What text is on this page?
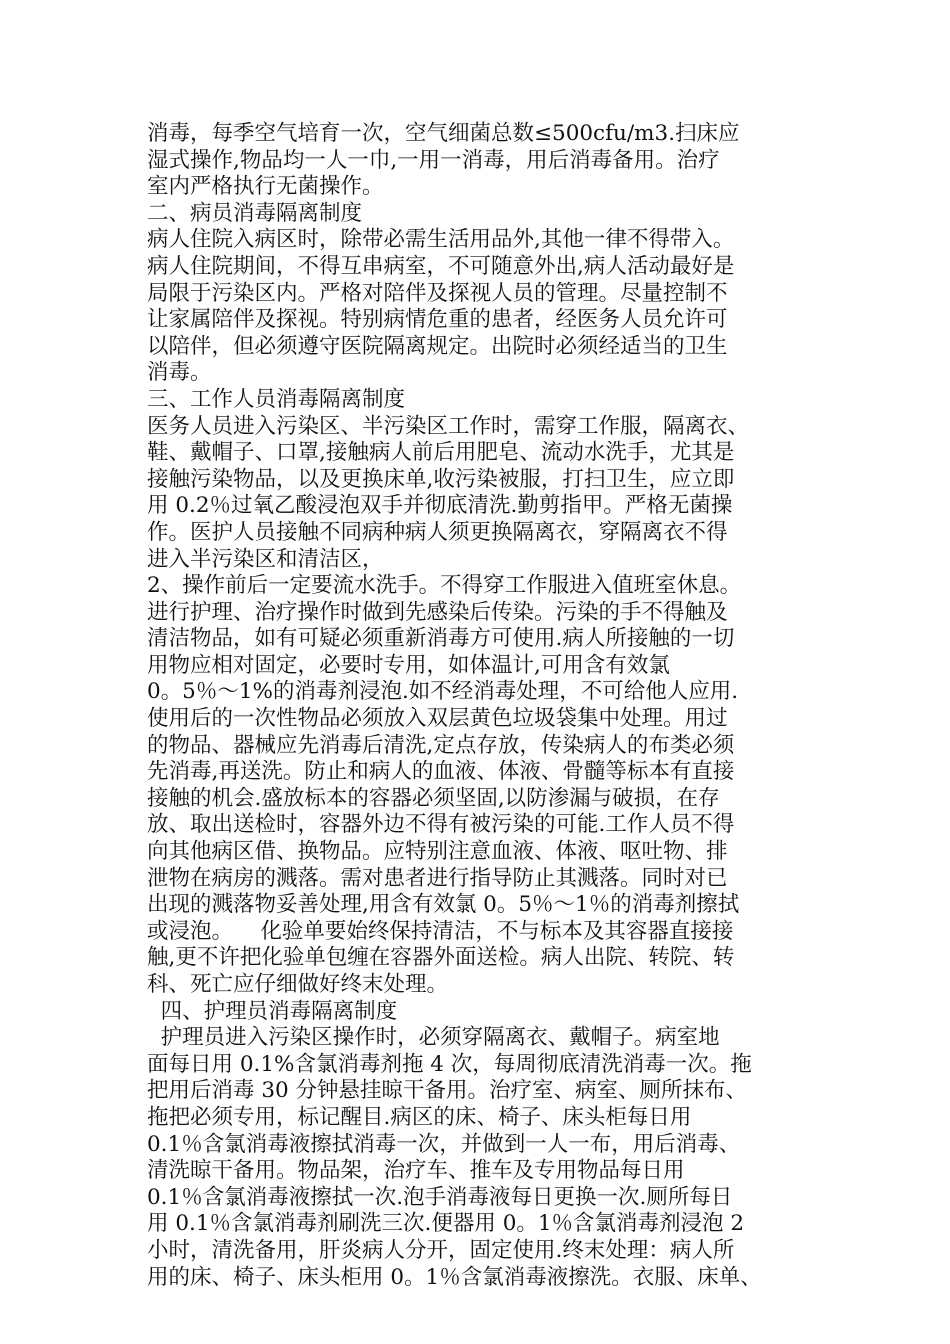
消毒，每季空气培育一次，空气细菌总数≤500cfu/m3.扫床应
湿式操作,物品均一人一巾,一用一消毒，用后消毒备用。治疗
室内严格执行无菌操作。
二、病员消毒隔离制度
病人住院入病区时，除带必需生活用品外,其他一律不得带入。
病人住院期间，不得互串病室，不可随意外出,病人活动最好是
局限于污染区内。严格对陪伴及探视人员的管理。尽量控制不
让家属陪伴及探视。特别病情危重的患者，经医务人员允许可
以陪伴，但必须遵守医院隔离规定。出院时必须经适当的卫生
消毒。
三、工作人员消毒隔离制度
医务人员进入污染区、半污染区工作时，需穿工作服，隔离衣、
鞋、戴帽子、口罩,接触病人前后用肥皂、流动水洗手，尤其是
接触污染物品，以及更换床单,收污染被服，打扫卫生，应立即
用 0.2％过氧乙酸浸泡双手并彻底清洗.勤剪指甲。严格无菌操
作。医护人员接触不同病种病人须更换隔离衣，穿隔离衣不得
进入半污染区和清洁区，
2、操作前后一定要流水洗手。不得穿工作服进入值班室休息。
进行护理、治疗操作时做到先感染后传染。污染的手不得触及
清洁物品，如有可疑必须重新消毒方可使用.病人所接触的一切
用物应相对固定，必要时专用，如体温计,可用含有效氯
0。5％～1%的消毒剂浸泡.如不经消毒处理，不可给他人应用.
使用后的一次性物品必须放入双层黄色垃圾袋集中处理。用过
的物品、器械应先消毒后清洗,定点存放，传染病人的布类必须
先消毒,再送洗。防止和病人的血液、体液、骨髓等标本有直接
接触的机会.盛放标本的容器必须坚固,以防渗漏与破损，在存
放、取出送检时，容器外边不得有被污染的可能.工作人员不得
向其他病区借、换物品。应特别注意血液、体液、呕吐物、排
泄物在病房的溅落。需对患者进行指导防止其溅落。同时对已
出现的溅落物妥善处理,用含有效氯 0。5％～1％的消毒剂擦拭
或浸泡。    化验单要始终保持清洁，不与标本及其容器直接接
触,更不许把化验单包缠在容器外面送检。病人出院、转院、转
科、死亡应仔细做好终末处理。
四、护理员消毒隔离制度
护理员进入污染区操作时，必须穿隔离衣、戴帽子。病室地
面每日用 0.1%含氯消毒剂拖 4 次，每周彻底清洗消毒一次。拖
把用后消毒 30 分钟悬挂晾干备用。治疗室、病室、厕所抹布、
拖把必须专用，标记醒目.病区的床、椅子、床头柜每日用
0.1％含氯消毒液擦拭消毒一次，并做到一人一布，用后消毒、
清洗晾干备用。物品架，治疗车、推车及专用物品每日用
0.1％含氯消毒液擦拭一次.泡手消毒液每日更换一次.厕所每日
用 0.1％含氯消毒剂刷洗三次.便器用 0。1％含氯消毒剂浸泡 2
小时，清洗备用，肝炎病人分开，固定使用.终末处理：病人所
用的床、椅子、床头柜用 0。1％含氯消毒液擦洗。衣服、床单、
